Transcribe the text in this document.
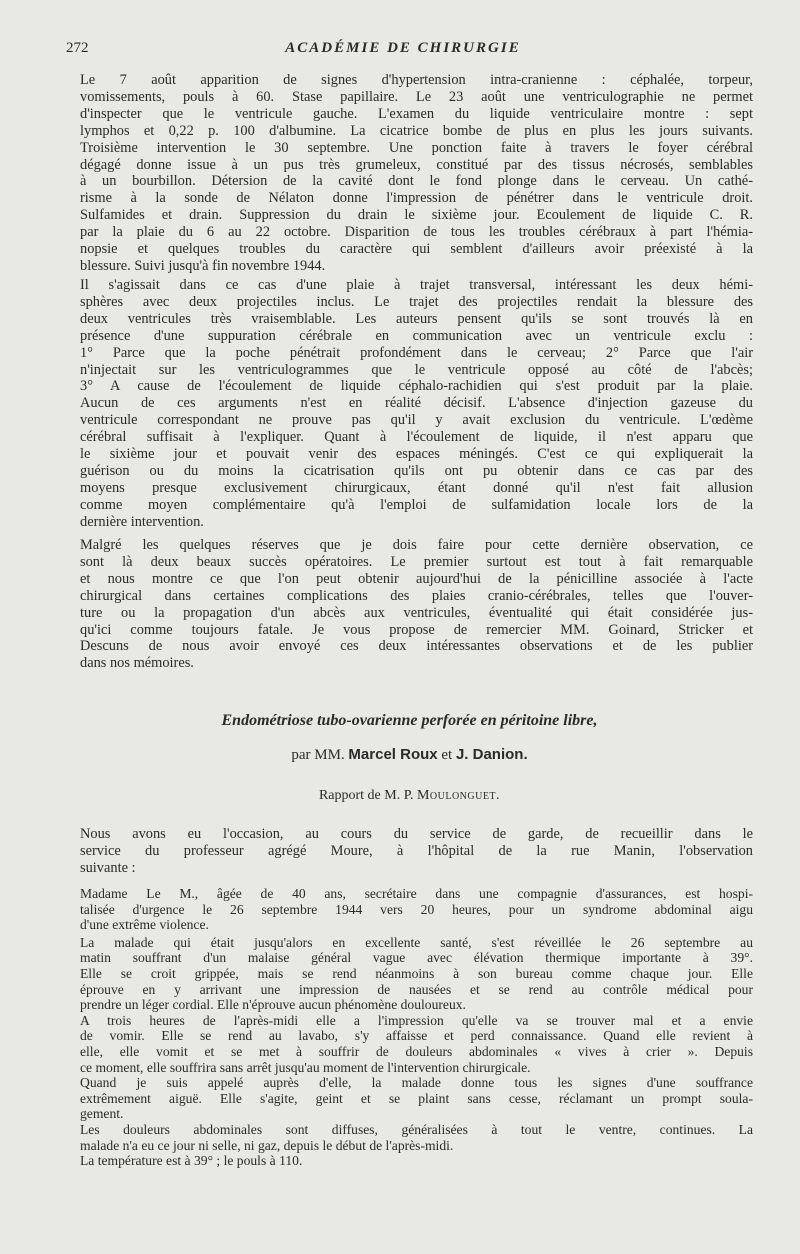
272	ACADÉMIE DE CHIRURGIE

Le 7 août apparition de signes d'hypertension intra-cranienne : céphalée, torpeur,
vomissements, pouls à 60. Stase papillaire. Le 23 août une ventriculographie ne permet
d'inspecter que le ventricule gauche. L'examen du liquide ventriculaire montre : sept
lymphos et 0,22 p. 100 d'albumine. La cicatrice bombe de plus en plus les jours suivants.
Troisième intervention le 30 septembre. Une ponction faite à travers le foyer cérébral
dégagé donne issue à un pus très grumeleux, constitué par des tissus nécrosés, semblables
à un bourbillon. Détersion de la cavité dont le fond plonge dans le cerveau. Un cathé-
risme à la sonde de Nélaton donne l'impression de pénétrer dans le ventricule droit.
Sulfamides et drain. Suppression du drain le sixième jour. Ecoulement de liquide C. R.
par la plaie du 6 au 22 octobre. Disparition de tous les troubles cérébraux à part l'hémia-
nopsie et quelques troubles du caractère qui semblent d'ailleurs avoir préexisté à la
blessure. Suivi jusqu'à fin novembre 1944.

Il s'agissait dans ce cas d'une plaie à trajet transversal, intéressant les deux hémi-
sphères avec deux projectiles inclus. Le trajet des projectiles rendait la blessure des
deux ventricules très vraisemblable. Les auteurs pensent qu'ils se sont trouvés là en
présence d'une suppuration cérébrale en communication avec un ventricule exclu :
1° Parce que la poche pénétrait profondément dans le cerveau; 2° Parce que l'air
n'injectait sur les ventriculogrammes que le ventricule opposé au côté de l'abcès;
3° A cause de l'écoulement de liquide céphalo-rachidien qui s'est produit par la plaie.
Aucun de ces arguments n'est en réalité décisif. L'absence d'injection gazeuse du
ventricule correspondant ne prouve pas qu'il y avait exclusion du ventricule. L'œdème
cérébral suffisait à l'expliquer. Quant à l'écoulement de liquide, il n'est apparu que
le sixième jour et pouvait venir des espaces méningés. C'est ce qui expliquerait la
guérison ou du moins la cicatrisation qu'ils ont pu obtenir dans ce cas par des
moyens presque exclusivement chirurgicaux, étant donné qu'il n'est fait allusion
comme moyen complémentaire qu'à l'emploi de sulfamidation locale lors de la
dernière intervention.

Malgré les quelques réserves que je dois faire pour cette dernière observation, ce
sont là deux beaux succès opératoires. Le premier surtout est tout à fait remarquable
et nous montre ce que l'on peut obtenir aujourd'hui de la pénicilline associée à l'acte
chirurgical dans certaines complications des plaies cranio-cérébrales, telles que l'ouver-
ture ou la propagation d'un abcès aux ventricules, éventualité qui était considérée jus-
qu'ici comme toujours fatale. Je vous propose de remercier MM. Goinard, Stricker et
Descuns de nous avoir envoyé ces deux intéressantes observations et de les publier
dans nos mémoires.

Endométriose tubo-ovarienne perforée en péritoine libre,
par MM. Marcel Roux et J. Danion.
Rapport de M. P. Moulonguet.

Nous avons eu l'occasion, au cours du service de garde, de recueillir dans le
service du professeur agrégé Moure, à l'hôpital de la rue Manin, l'observation
suivante :

Madame Le M., âgée de 40 ans, secrétaire dans une compagnie d'assurances, est hospi-
talisée d'urgence le 26 septembre 1944 vers 20 heures, pour un syndrome abdominal aigu
d'une extrême violence.

La malade qui était jusqu'alors en excellente santé, s'est réveillée le 26 septembre au
matin souffrant d'un malaise général vague avec élévation thermique importante à 39°.
Elle se croit grippée, mais se rend néanmoins à son bureau comme chaque jour. Elle
éprouve en y arrivant une impression de nausées et se rend au contrôle médical pour
prendre un léger cordial. Elle n'éprouve aucun phénomène douloureux.

A trois heures de l'après-midi elle a l'impression qu'elle va se trouver mal et a envie
de vomir. Elle se rend au lavabo, s'y affaisse et perd connaissance. Quand elle revient à
elle, elle vomit et se met à souffrir de douleurs abdominales « vives à crier ». Depuis
ce moment, elle souffrira sans arrêt jusqu'au moment de l'intervention chirurgicale.

Quand je suis appelé auprès d'elle, la malade donne tous les signes d'une souffrance
extrêmement aiguë. Elle s'agite, geint et se plaint sans cesse, réclamant un prompt soula-
gement.

Les douleurs abdominales sont diffuses, généralisées à tout le ventre, continues. La
malade n'a eu ce jour ni selle, ni gaz, depuis le début de l'après-midi.

La température est à 39° ; le pouls à 110.
